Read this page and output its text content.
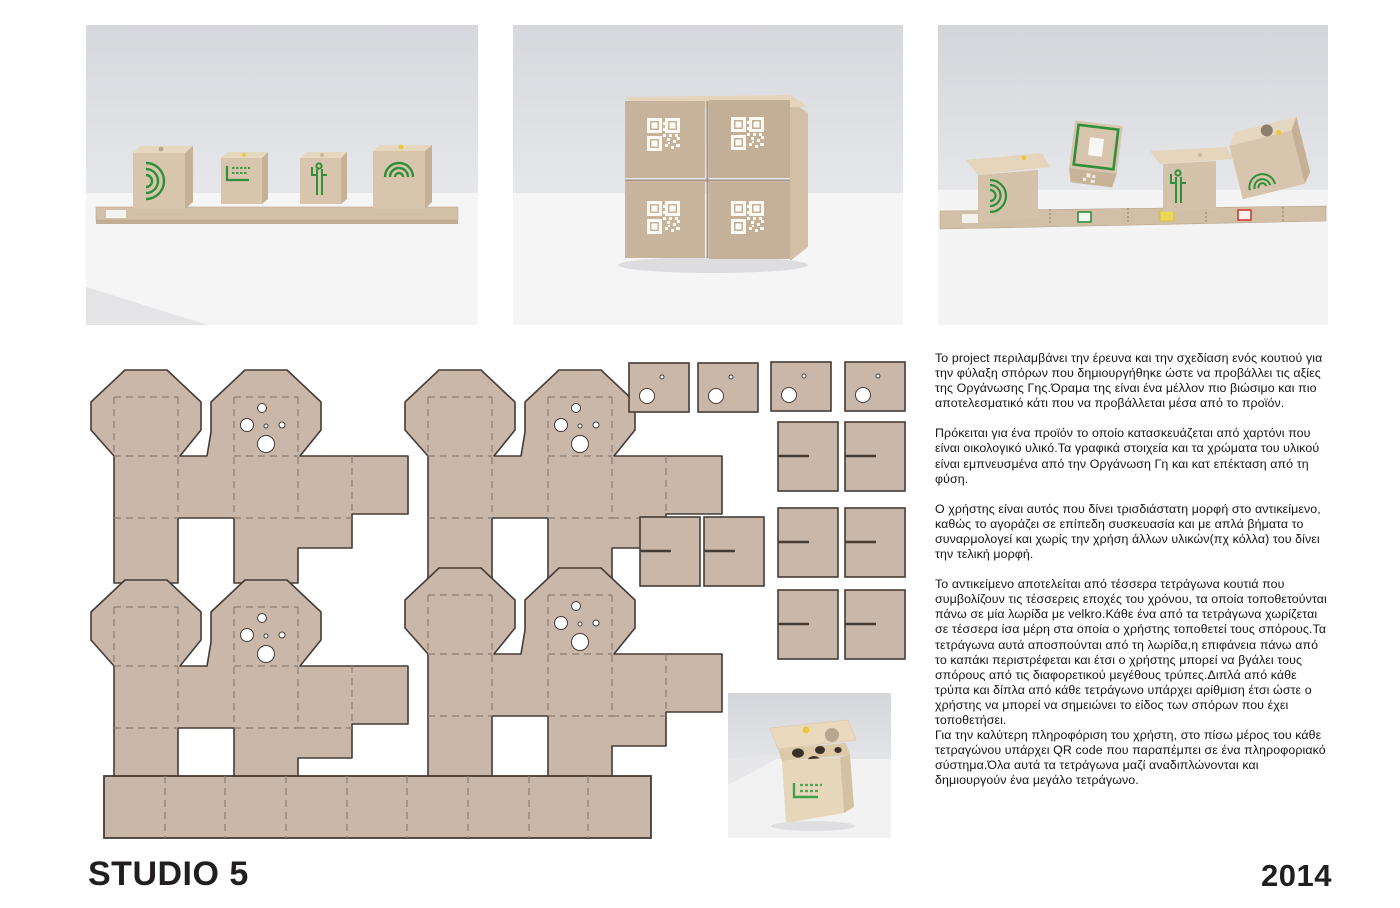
Το project περιλαμβάνει την έρευνα και την σχεδίαση ενός κουτιού για την φύλαξη σπόρων που δημιουργήθηκε ώστε να προβάλλει τις αξίες της Οργάνωσης Γης.Όραμα της είναι ένα μέλλον πιο βιώσιμο και πιο αποτελεσματικό κάτι που να προβάλλεται μέσα από το προϊόν.

Πρόκειται για ένα προϊόν το οποίο κατασκευάζεται από χαρτόνι που είναι οικολογικό υλικό.Τα γραφικά στοιχεία και τα χρώματα του υλικού είναι εμπνευσμένα από την Οργάνωση Γη και κατ επέκταση από τη φύση.

Ο χρήστης είναι αυτός που δίνει τρισδιάστατη μορφή στο αντικείμενο, καθώς το αγοράζει σε επίπεδη συσκευασία και με απλά βήματα το συναρμολογεί και χωρίς την χρήση άλλων υλικών(πχ κόλλα) του δίνει την τελική μορφή.

Το αντικείμενο αποτελείται από τέσσερα τετράγωνα κουτιά που συμβολίζουν τις τέσσερεις εποχές του χρόνου, τα οποία τοποθετούνται πάνω σε μία λωρίδα με velkro.Κάθε ένα από τα τετράγωνα χωρίζεται σε τέσσερα ίσα μέρη στα οποία ο χρήστης τοποθετεί τους σπόρους.Τα τετράγωνα αυτά αποσπούνται από τη λωρίδα,η επιφάνεια πάνω από το καπάκι περιστρέφεται και έτσι ο χρήστης μπορεί να βγάλει τους σπόρους από τις διαφορετικού μεγέθους τρύπες.Διπλά από κάθε τρύπα και δίπλα από κάθε τετράγωνο υπάρχει αρίθμιση έτσι ώστε ο χρήστης να μπορεί να σημειώνει το είδος των σπόρων που έχει τοποθετήσει.

Για την καλύτερη πληροφόριση του χρήστη, στο πίσω μέρος του κάθε τετραγώνου υπάρχει QR code που παραπέμπει σε ένα πληροφοριακό σύστημα.Όλα αυτά τα τετράγωνα μαζί αναδιπλώνονται και δημιουργούν ένα μεγάλο τετράγωνο.

STUDIO 5	2014
